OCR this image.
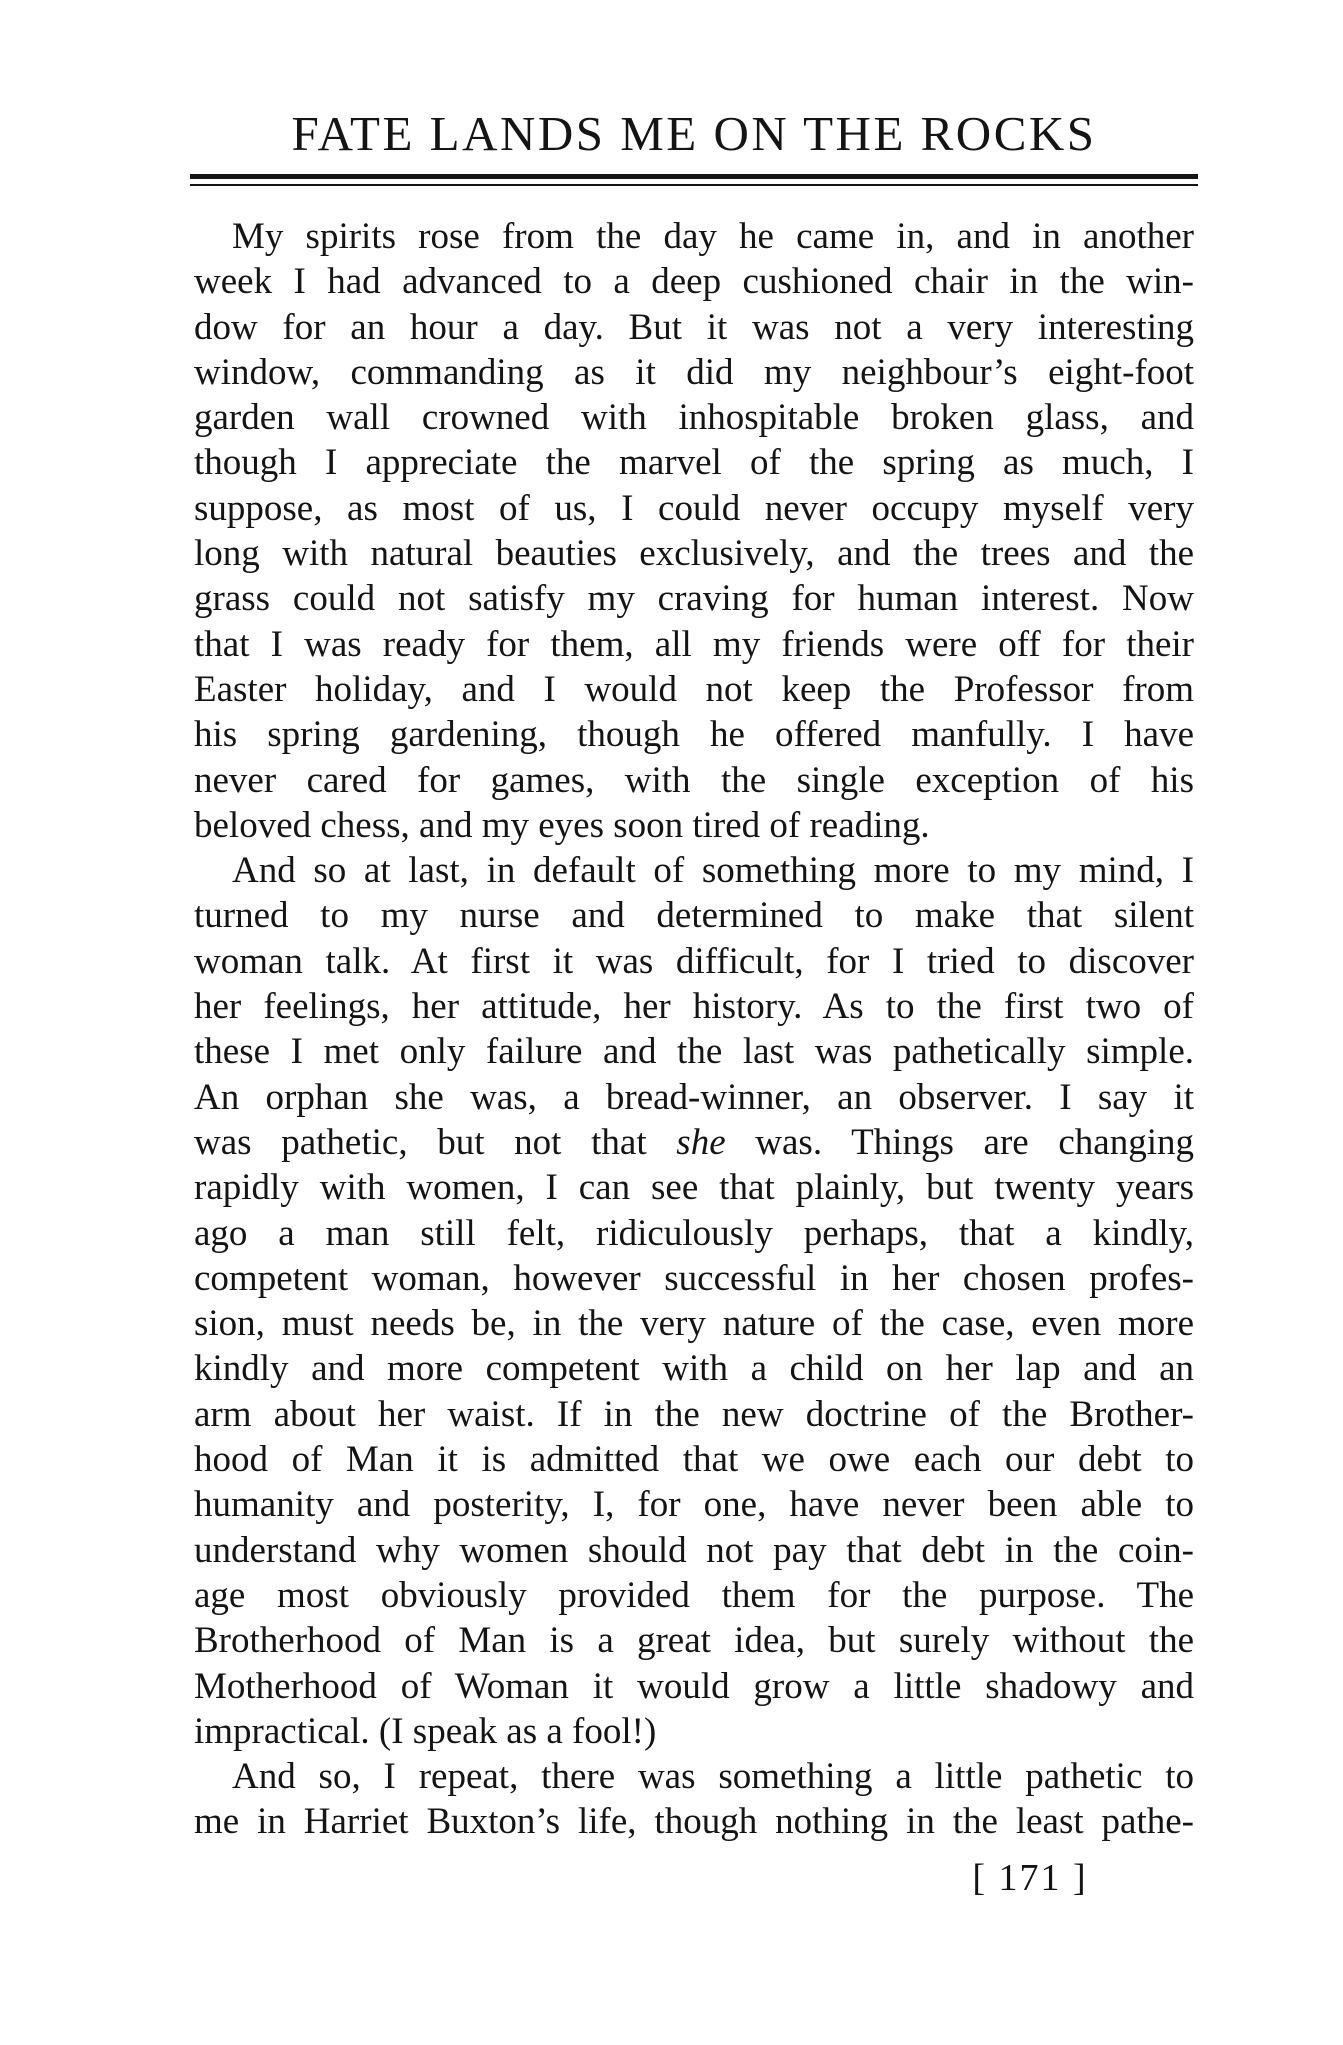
FATE LANDS ME ON THE ROCKS

My spirits rose from the day he came in, and in another
week I had advanced to a deep cushioned chair in the win-
dow for an hour a day. But it was not a very interesting
window, commanding as it did my neighbour’s eight-foot
garden wall crowned with inhospitable broken glass, and
though I appreciate the marvel of the spring as much, I
suppose, as most of us, I could never occupy myself very
long with natural beauties exclusively, and the trees and the
grass could not satisfy my craving for human interest. Now
that I was ready for them, all my friends were off for their
Easter holiday, and I would not keep the Professor from
his spring gardening, though he offered manfully. I have
never cared for games, with the single exception of his
beloved chess, and my eyes soon tired of reading.

And so at last, in default of something more to my mind, I
turned to my nurse and determined to make that silent
woman talk. At first it was difficult, for I tried to discover
her feelings, her attitude, her history. As to the first two of
these I met only failure and the last was pathetically simple.
An orphan she was, a bread-winner, an observer. I say it
was pathetic, but not that she was. Things are changing
rapidly with women, I can see that plainly, but twenty years
ago a man still felt, ridiculously perhaps, that a kindly,
competent woman, however successful in her chosen profes-
sion, must needs be, in the very nature of the case, even more
kindly and more competent with a child on her lap and an
arm about her waist. If in the new doctrine of the Brother-
hood of Man it is admitted that we owe each our debt to
humanity and posterity, I, for one, have never been able to
understand why women should not pay that debt in the coin-
age most obviously provided them for the purpose. The
Brotherhood of Man is a great idea, but surely without the
Motherhood of Woman it would grow a little shadowy and
impractical. (I speak as a fool!)

And so, I repeat, there was something a little pathetic to
me in Harriet Buxton’s life, though nothing in the least pathe-

[ 171 ]
